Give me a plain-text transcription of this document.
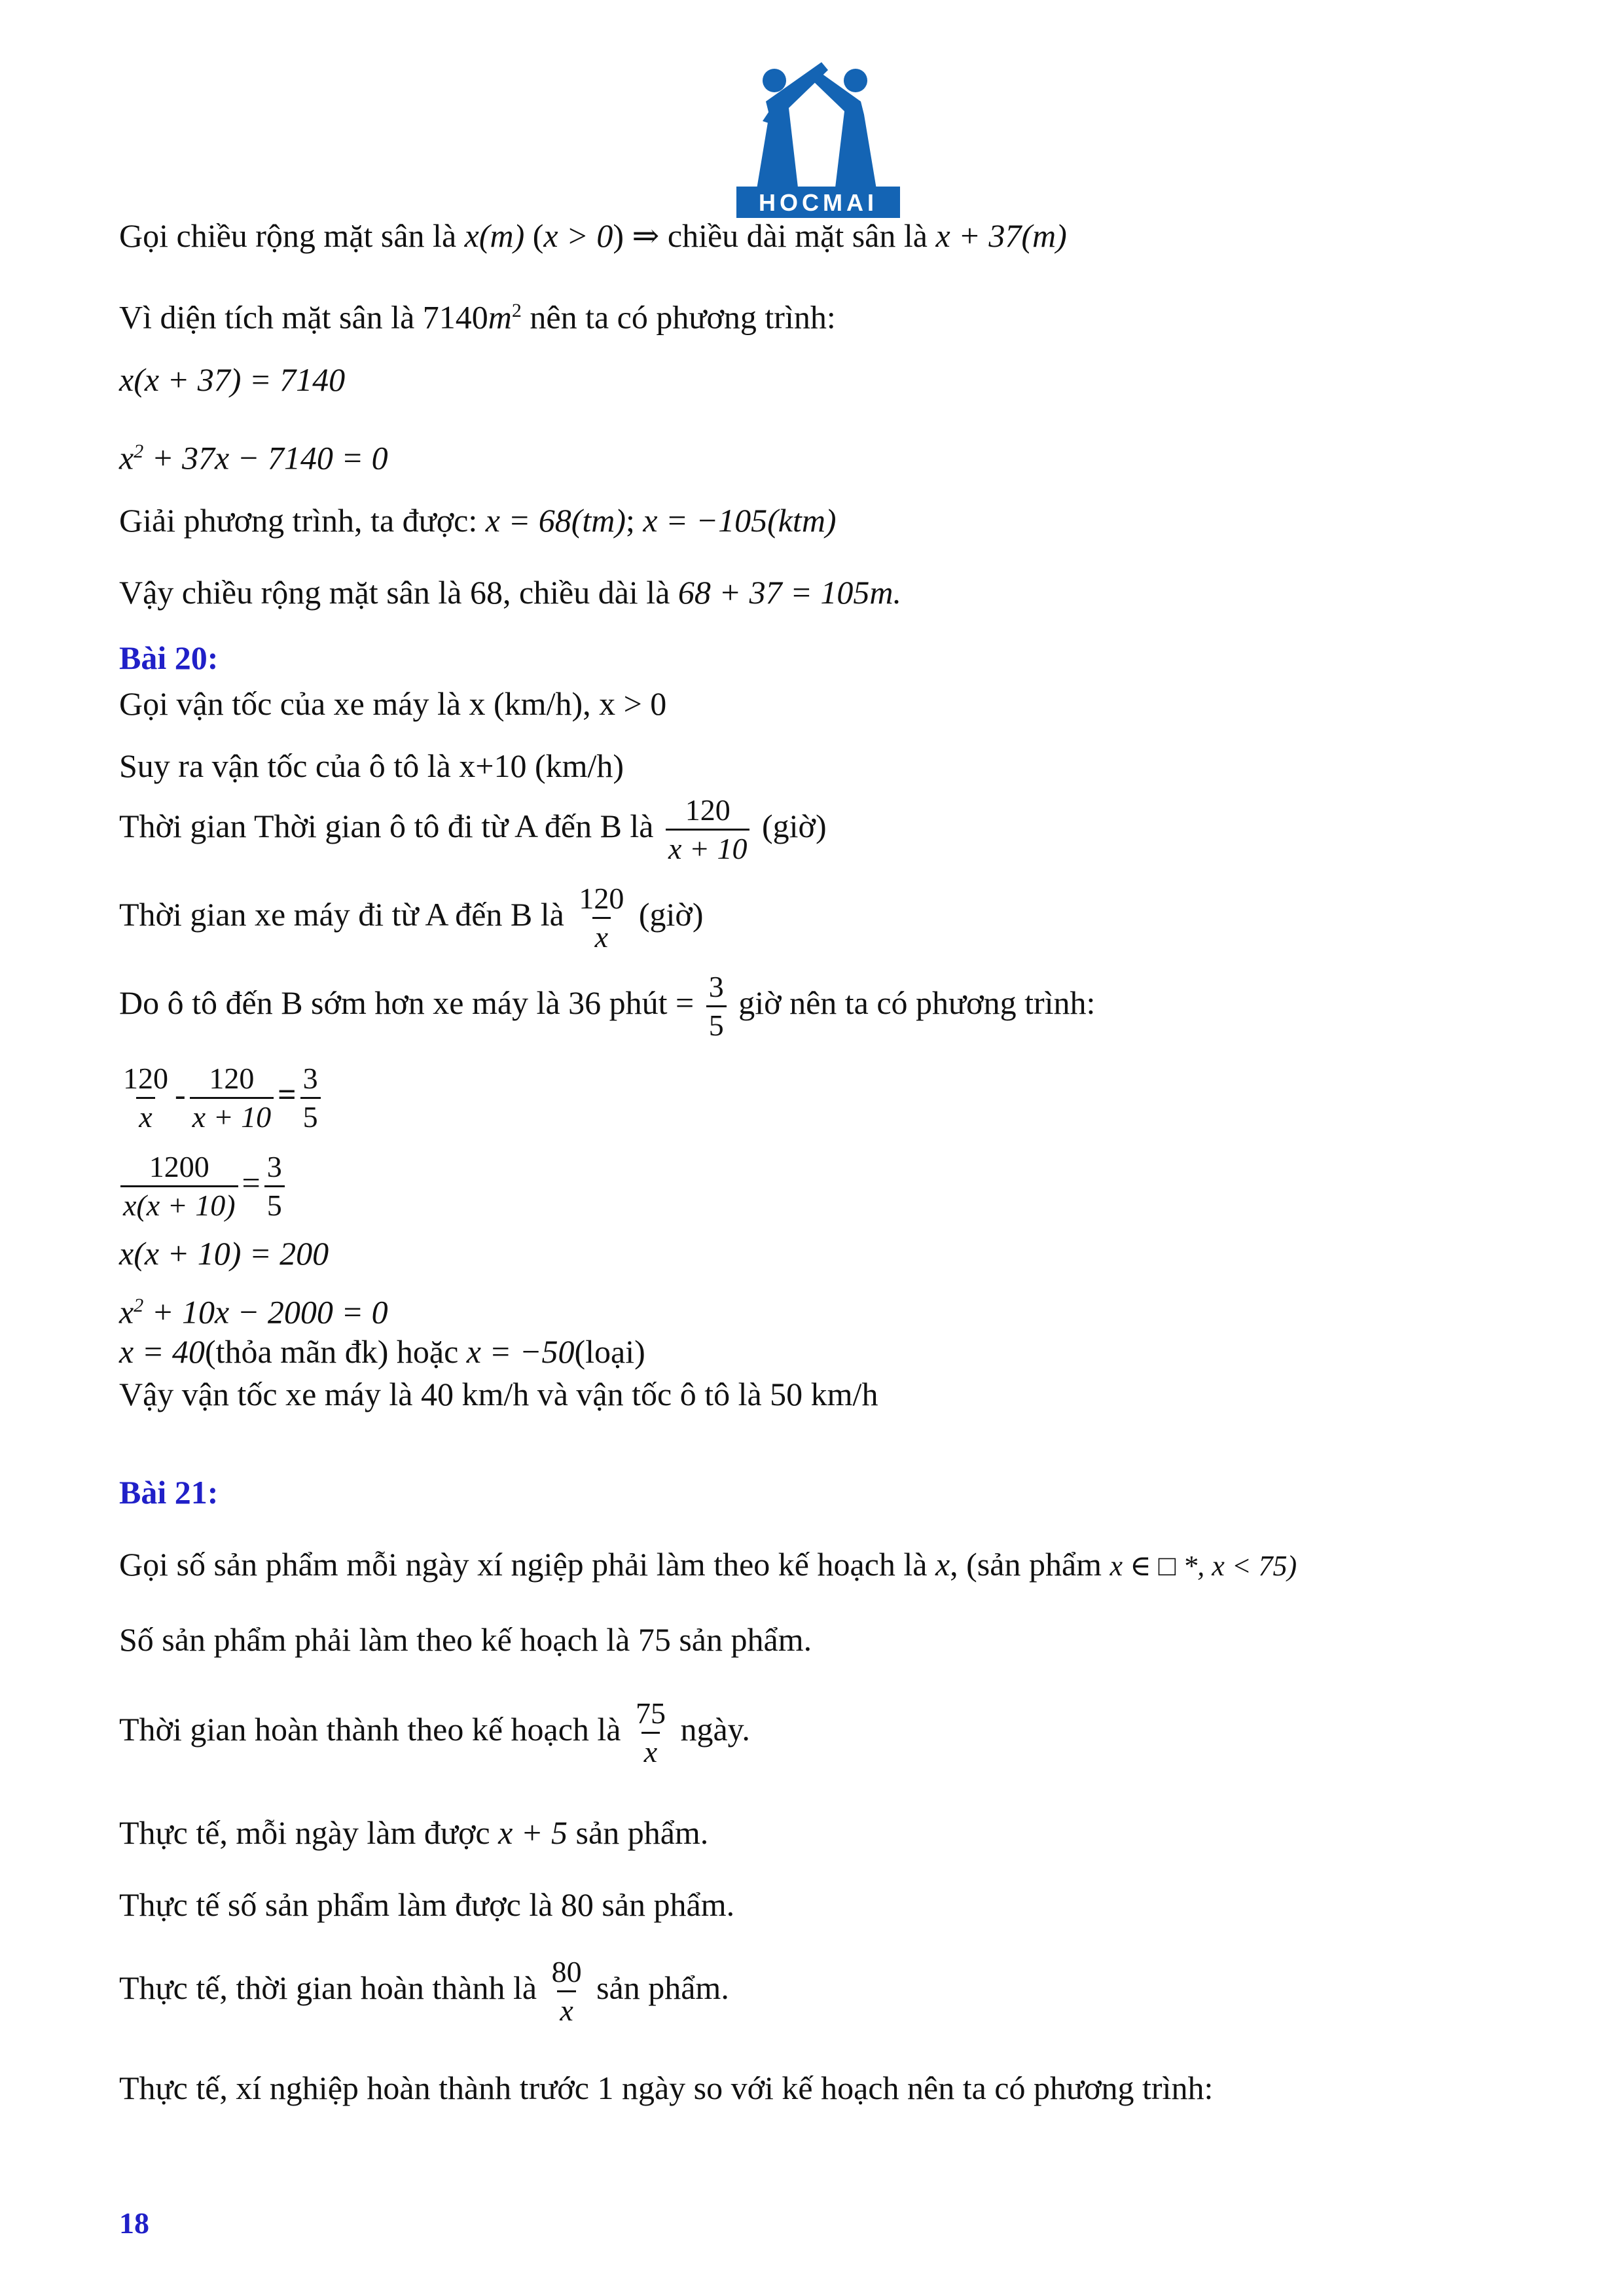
HOCMAI
Gọi chiều rộng mặt sân là x(m) (x > 0) ⇒ chiều dài mặt sân là x + 37(m)
Vì diện tích mặt sân là $7140m^2$ nên ta có phương trình:
x(x + 37) = 7140
$x^2 + 37x - 7140 = 0$
Giải phương trình, ta được: x = 68(tm); x = −105(ktm)
Vậy chiều rộng mặt sân là 68, chiều dài là 68 + 37 = 105m.
Bài 20:
Gọi vận tốc của xe máy là x (km/h), x > 0
Suy ra vận tốc của ô tô là x+10 (km/h)
Thời gian Thời gian ô tô đi từ A đến B là $\frac{120}{x + 10}$ (giờ)
Thời gian xe máy đi từ A đến B là $\frac{120}{x}$ (giờ)
Do ô tô đến B sớm hơn xe máy là 36 phút = $\frac{3}{5}$ giờ nên ta có phương trình:
$\frac{120}{x} - \frac{120}{x + 10} = \frac{3}{5}$
$\frac{1200}{x(x + 10)} = \frac{3}{5}$
x(x + 10) = 200
$x^2 + 10x - 2000 = 0$
x = 40(thỏa mãn đk) hoặc x = −50(loại)
Vậy vận tốc xe máy là 40 km/h và vận tốc ô tô là 50 km/h
Bài 21:
Gọi số sản phẩm mỗi ngày xí ngiệp phải làm theo kế hoạch là x, (sản phẩm x ∈ □ *, x < 75)
Số sản phẩm phải làm theo kế hoạch là 75 sản phẩm.
Thời gian hoàn thành theo kế hoạch là $\frac{75}{x}$ ngày.
Thực tế, mỗi ngày làm được x + 5 sản phẩm.
Thực tế số sản phẩm làm được là 80 sản phẩm.
Thực tế, thời gian hoàn thành là $\frac{80}{x}$ sản phẩm.
Thực tế, xí nghiệp hoàn thành trước 1 ngày so với kế hoạch nên ta có phương trình:
18
